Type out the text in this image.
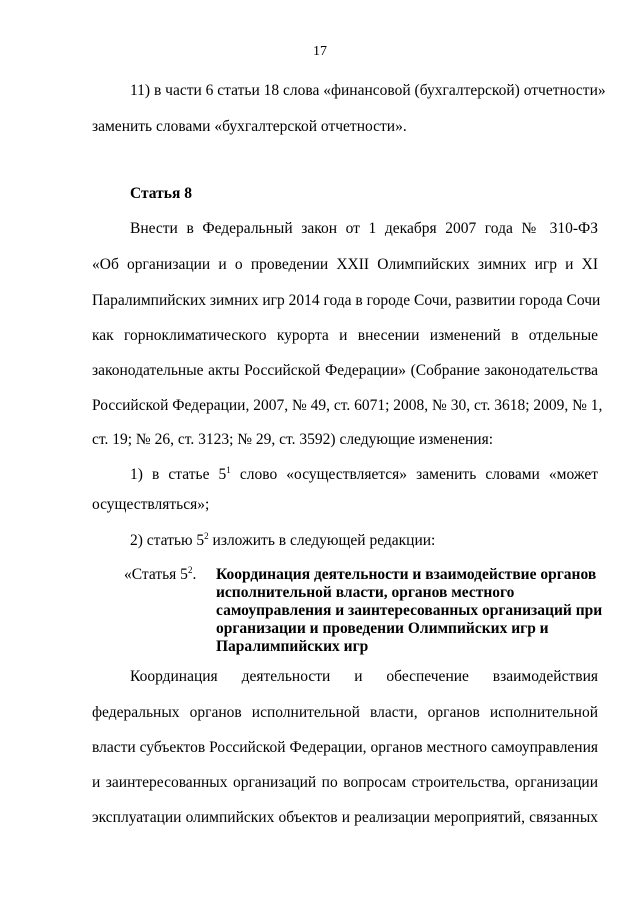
17
11) в части 6 статьи 18 слова «финансовой (бухгалтерской) отчетности»
заменить словами «бухгалтерской отчетности».
Статья 8
Внести в Федеральный закон от 1 декабря 2007 года № 310-ФЗ
«Об организации и о проведении XXII Олимпийских зимних игр и XI
Паралимпийских зимних игр 2014 года в городе Сочи, развитии города Сочи
как горноклиматического курорта и внесении изменений в отдельные
законодательные акты Российской Федерации» (Собрание законодательства
Российской Федерации, 2007, № 49, ст. 6071; 2008, № 30, ст. 3618; 2009, № 1,
ст. 19; № 26, ст. 3123; № 29, ст. 3592) следующие изменения:
1) в статье $5^1$ слово «осуществляется» заменить словами «может
осуществляться»;
2) статью $5^2$ изложить в следующей редакции:
«Статья $5^2$. Координация деятельности и взаимодействие органов
исполнительной власти, органов местного
самоуправления и заинтересованных организаций при
организации и проведении Олимпийских игр и
Паралимпийских игр
Координация деятельности и обеспечение взаимодействия
федеральных органов исполнительной власти, органов исполнительной
власти субъектов Российской Федерации, органов местного самоуправления
и заинтересованных организаций по вопросам строительства, организации
эксплуатации олимпийских объектов и реализации мероприятий, связанных
